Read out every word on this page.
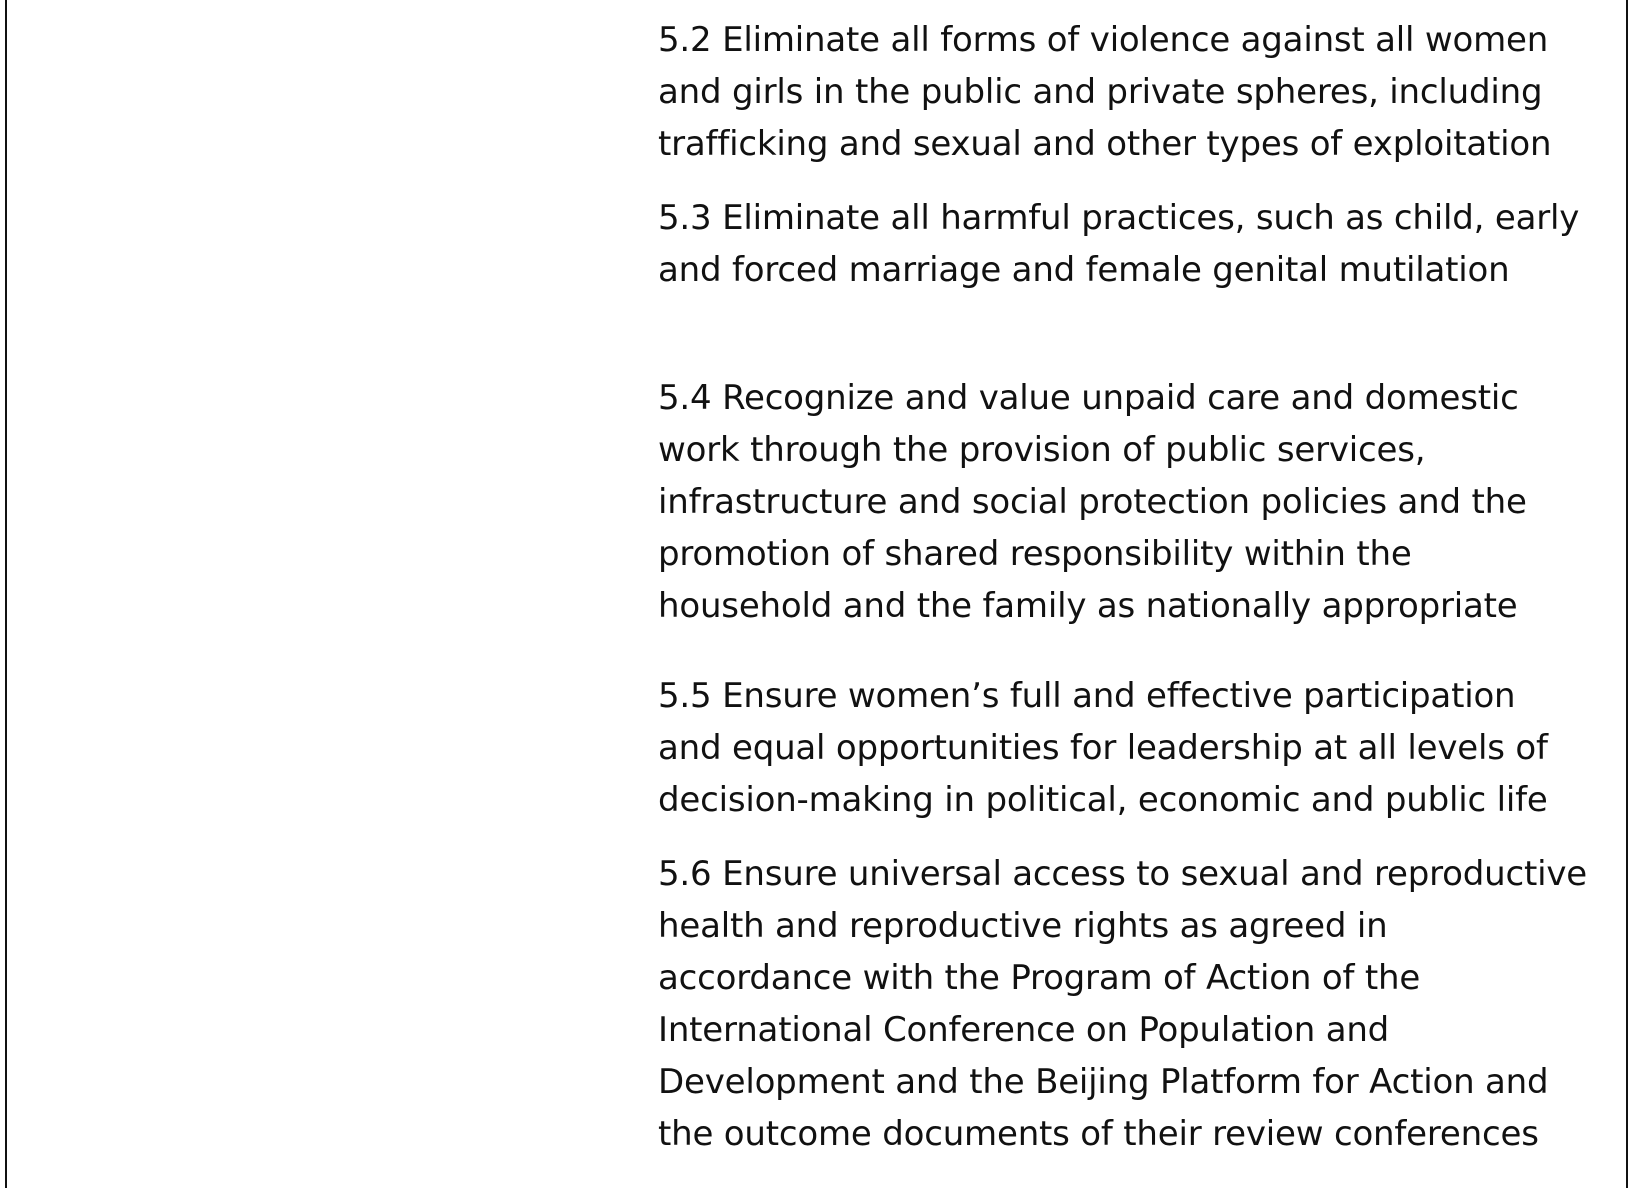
5.2 Eliminate all forms of violence against all women
and girls in the public and private spheres, including
trafficking and sexual and other types of exploitation
5.3 Eliminate all harmful practices, such as child, early
and forced marriage and female genital mutilation
5.4 Recognize and value unpaid care and domestic
work through the provision of public services,
infrastructure and social protection policies and the
promotion of shared responsibility within the
household and the family as nationally appropriate
5.5 Ensure women’s full and effective participation
and equal opportunities for leadership at all levels of
decision-making in political, economic and public life
5.6 Ensure universal access to sexual and reproductive
health and reproductive rights as agreed in
accordance with the Program of Action of the
International Conference on Population and
Development and the Beijing Platform for Action and
the outcome documents of their review conferences
